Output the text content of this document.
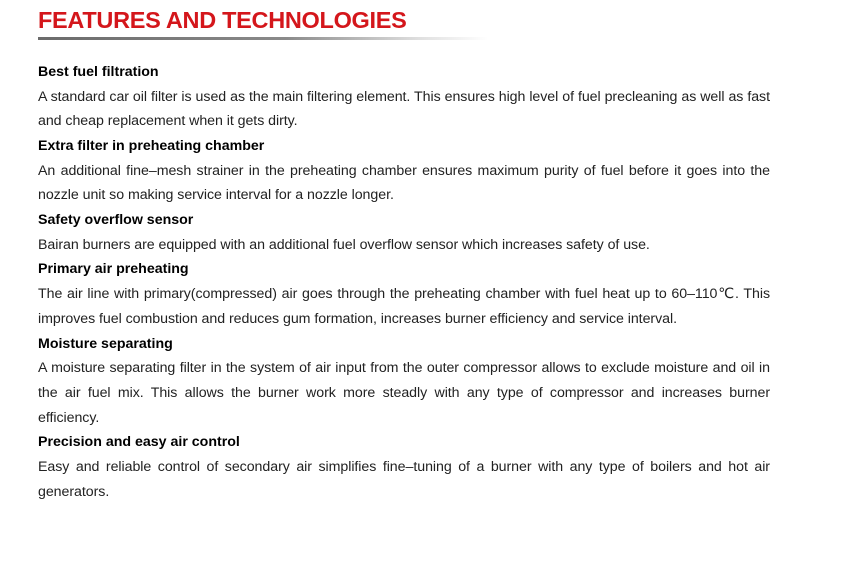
FEATURES AND TECHNOLOGIES
Best fuel filtration

A standard car oil filter is used as the main filtering element. This ensures high level of fuel precleaning as well as fast and cheap replacement when it gets dirty.

Extra filter in preheating chamber

An additional fine–mesh strainer in the preheating chamber ensures maximum purity of fuel before it goes into the nozzle unit so making service interval for a nozzle longer.

Safety overflow sensor

Bairan burners are equipped with an additional fuel overflow sensor which increases safety of use.

Primary air preheating

The air line with primary(compressed) air goes through the preheating chamber with fuel heat up to 60–110℃. This improves fuel combustion and reduces gum formation, increases burner efficiency and service interval.

Moisture separating

A moisture separating filter in the system of air input from the outer compressor allows to exclude moisture and oil in the air fuel mix. This allows the burner work more steadly with any type of compressor and increases burner efficiency.

Precision and easy air control

Easy and reliable control of secondary air simplifies fine–tuning of a burner with any type of boilers and hot air generators.
